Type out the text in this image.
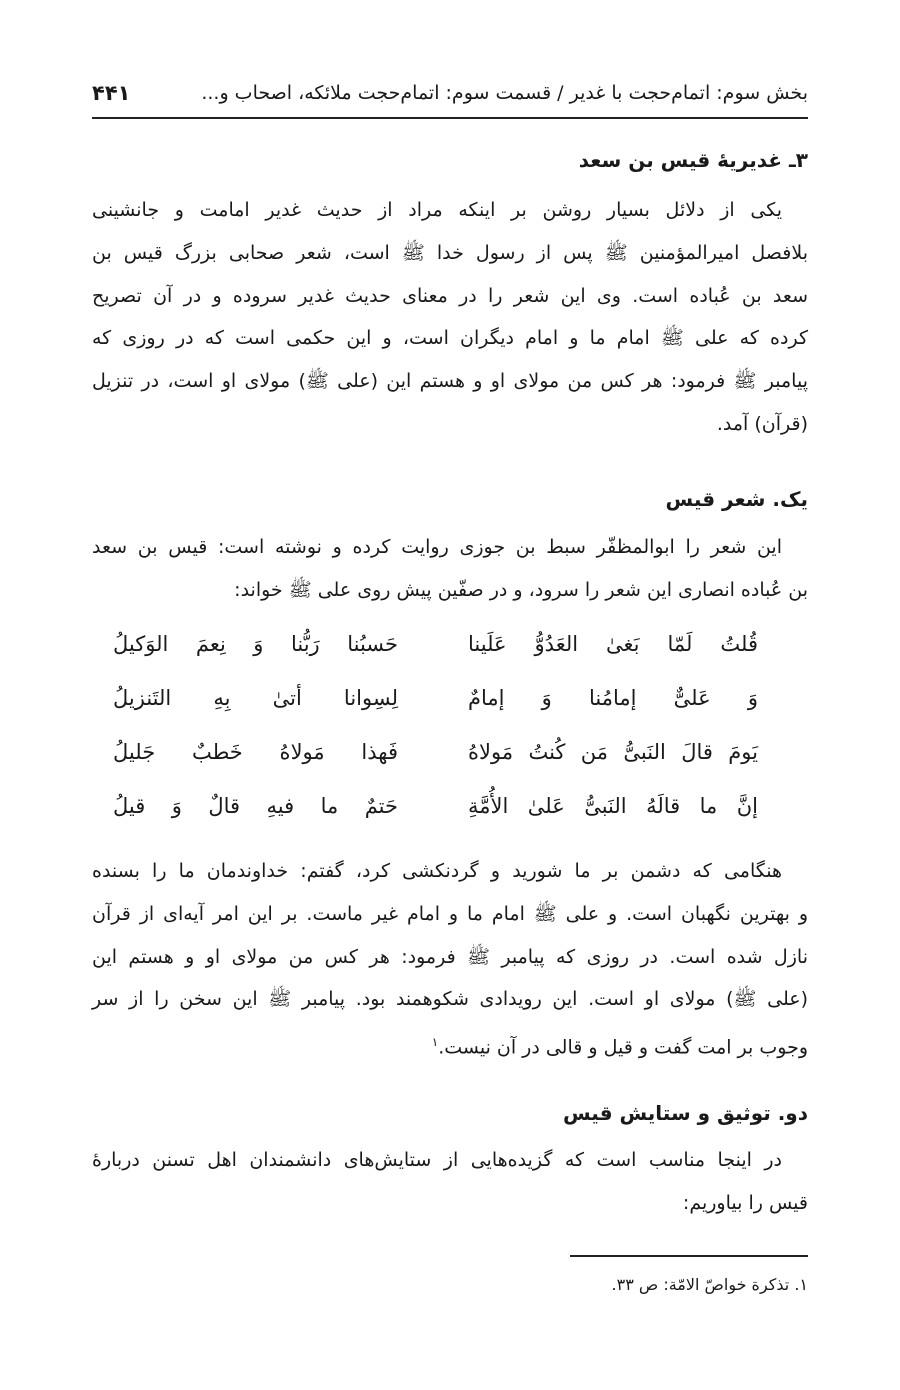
بخش سوم: اتمام‌حجت با غدیر / قسمت سوم: اتمام‌حجت ملائکه، اصحاب و...
۴۴۱
۳ـ غدیریهٔ قیس بن سعد
یکی از دلائل بسیار روشن بر اینکه مراد از حدیث غدیر امامت و جانشینی
بلافصل امیرالمؤمنین ﷺ پس از رسول خدا ﷺ است، شعر صحابی بزرگ قیس بن
سعد بن عُباده است. وی این شعر را در معنای حدیث غدیر سروده و در آن تصریح
کرده که علی ﷺ امام ما و امام دیگران است، و این حکمی است که در روزی که
پیامبر ﷺ فرمود: هر کس من مولای او و هستم این (علی ﷺ) مولای او است، در تنزیل
(قرآن) آمد.
یک. شعر قیس
این شعر را ابوالمظفّر سبط بن جوزی روایت کرده و نوشته است: قیس بن سعد
بن عُباده انصاری این شعر را سرود، و در صفّین پیش روی علی ﷺ خواند:
قُلتُ لَمّا بَغیٰ العَدُوُّ عَلَینا
حَسبُنا رَبُّنا وَ نِعمَ الوَکیلُ
وَ عَلیٌّ إمامُنا وَ إمامٌ
لِسِوانا أتیٰ بِهِ التَنزیلُ
یَومَ قالَ النَبیُّ مَن کُنتُ مَولاهُ
فَهذا مَولاهُ خَطبٌ جَلیلُ
إنَّ ما قالَهُ النَبیُّ عَلیٰ الأُمَّةِ
حَتمٌ ما فیهِ قالٌ وَ قیلُ
هنگامی که دشمن بر ما شورید و گردنکشی کرد، گفتم: خداوندمان ما را بسنده
و بهترین نگهبان است. و علی ﷺ امام ما و امام غیر ماست. بر این امر آیه‌ای از قرآن
نازل شده است. در روزی که پیامبر ﷺ فرمود: هر کس من مولای او و هستم این
(علی ﷺ) مولای او است. این رویدادی شکوهمند بود. پیامبر ﷺ این سخن را از سر
وجوب بر امت گفت و قیل و قالی در آن نیست.$^۱$
دو. توثیق و ستایش قیس
در اینجا مناسب است که گزیده‌هایی از ستایش‌های دانشمندان اهل تسنن دربارهٔ
قیس را بیاوریم:
۱. تذکرة خواصّ الامّة: ص ۳۳.
